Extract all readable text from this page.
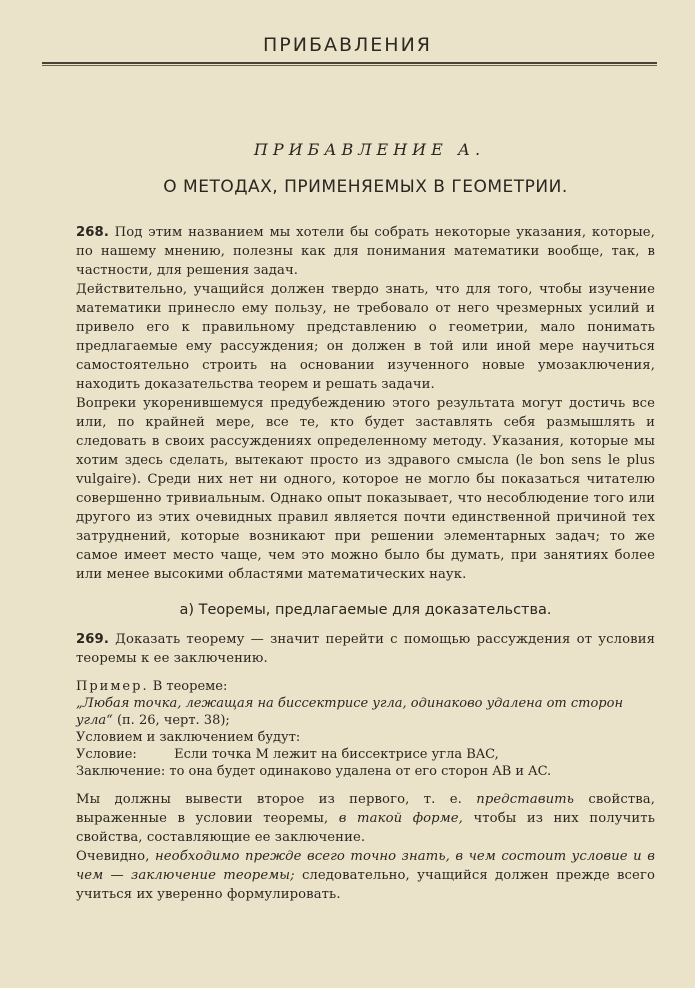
ПРИБАВЛЕНИЯ
ПРИБАВЛЕНИЕ А.
О МЕТОДАХ, ПРИМЕНЯЕМЫХ В ГЕОМЕТРИИ.

268. Под этим названием мы хотели бы собрать некоторые указания, которые, по нашему мнению, полезны как для понимания математики вообще, так, в частности, для решения задач.

Действительно, учащийся должен твердо знать, что для того, чтобы изучение математики принесло ему пользу, не требовало от него чрезмерных усилий и привело его к правильному представлению о геометрии, мало понимать предлагаемые ему рассуждения; он должен в той или иной мере научиться самостоятельно строить на основании изученного новые умозаключения, находить доказательства теорем и решать задачи.

Вопреки укоренившемуся предубеждению этого результата могут достичь все или, по крайней мере, все те, кто будет заставлять себя размышлять и следовать в своих рассуждениях определенному методу. Указания, которые мы хотим здесь сделать, вытекают просто из здравого смысла (le bon sens le plus vulgaire). Среди них нет ни одного, которое не могло бы показаться читателю совершенно тривиальным. Однако опыт показывает, что несоблюдение того или другого из этих очевидных правил является почти единственной причиной тех затруднений, которые возникают при решении элементарных задач; то же самое имеет место чаще, чем это можно было бы думать, при занятиях более или менее высокими областями математических наук.

а) Теоремы, предлагаемые для доказательства.

269. Доказать теорему — значит перейти с помощью рассуждения от условия теоремы к ее заключению.

Пример. В теореме:
„Любая точка, лежащая на биссектрисе угла, одинаково удалена от сторон угла“ (п. 26, черт. 38);
Условием и заключением будут:
Условие:	Если точка M лежит на биссектрисе угла BAC,
Заключение: то она будет одинаково удалена от его сторон AB и AC.

Мы должны вывести второе из первого, т. е. представить свойства, выраженные в условии теоремы, в такой форме, чтобы из них получить свойства, составляющие ее заключение.

Очевидно, необходимо прежде всего точно знать, в чем состоит условие и в чем — заключение теоремы; следовательно, учащийся должен прежде всего учиться их уверенно формулировать.
